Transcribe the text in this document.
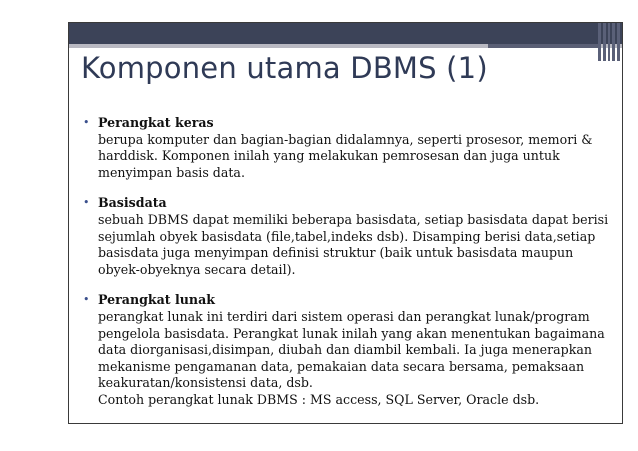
Komponen utama DBMS (1)
• Perangkat keras
berupa komputer dan bagian-bagian didalamnya, seperti prosesor, memori &
harddisk. Komponen inilah yang melakukan pemrosesan dan juga untuk
menyimpan basis data.
• Basisdata
sebuah DBMS dapat memiliki beberapa basisdata, setiap basisdata dapat berisi
sejumlah obyek basisdata (file,tabel,indeks dsb). Disamping berisi data,setiap
basisdata juga menyimpan definisi struktur (baik untuk basisdata maupun
obyek-obyeknya secara detail).
• Perangkat lunak
perangkat lunak ini terdiri dari sistem operasi dan perangkat lunak/program
pengelola basisdata. Perangkat lunak inilah yang akan menentukan bagaimana
data diorganisasi,disimpan, diubah dan diambil kembali. Ia juga menerapkan
mekanisme pengamanan data, pemakaian data secara bersama, pemaksaan
keakuratan/konsistensi data, dsb.
Contoh perangkat lunak DBMS : MS access, SQL Server, Oracle dsb.
